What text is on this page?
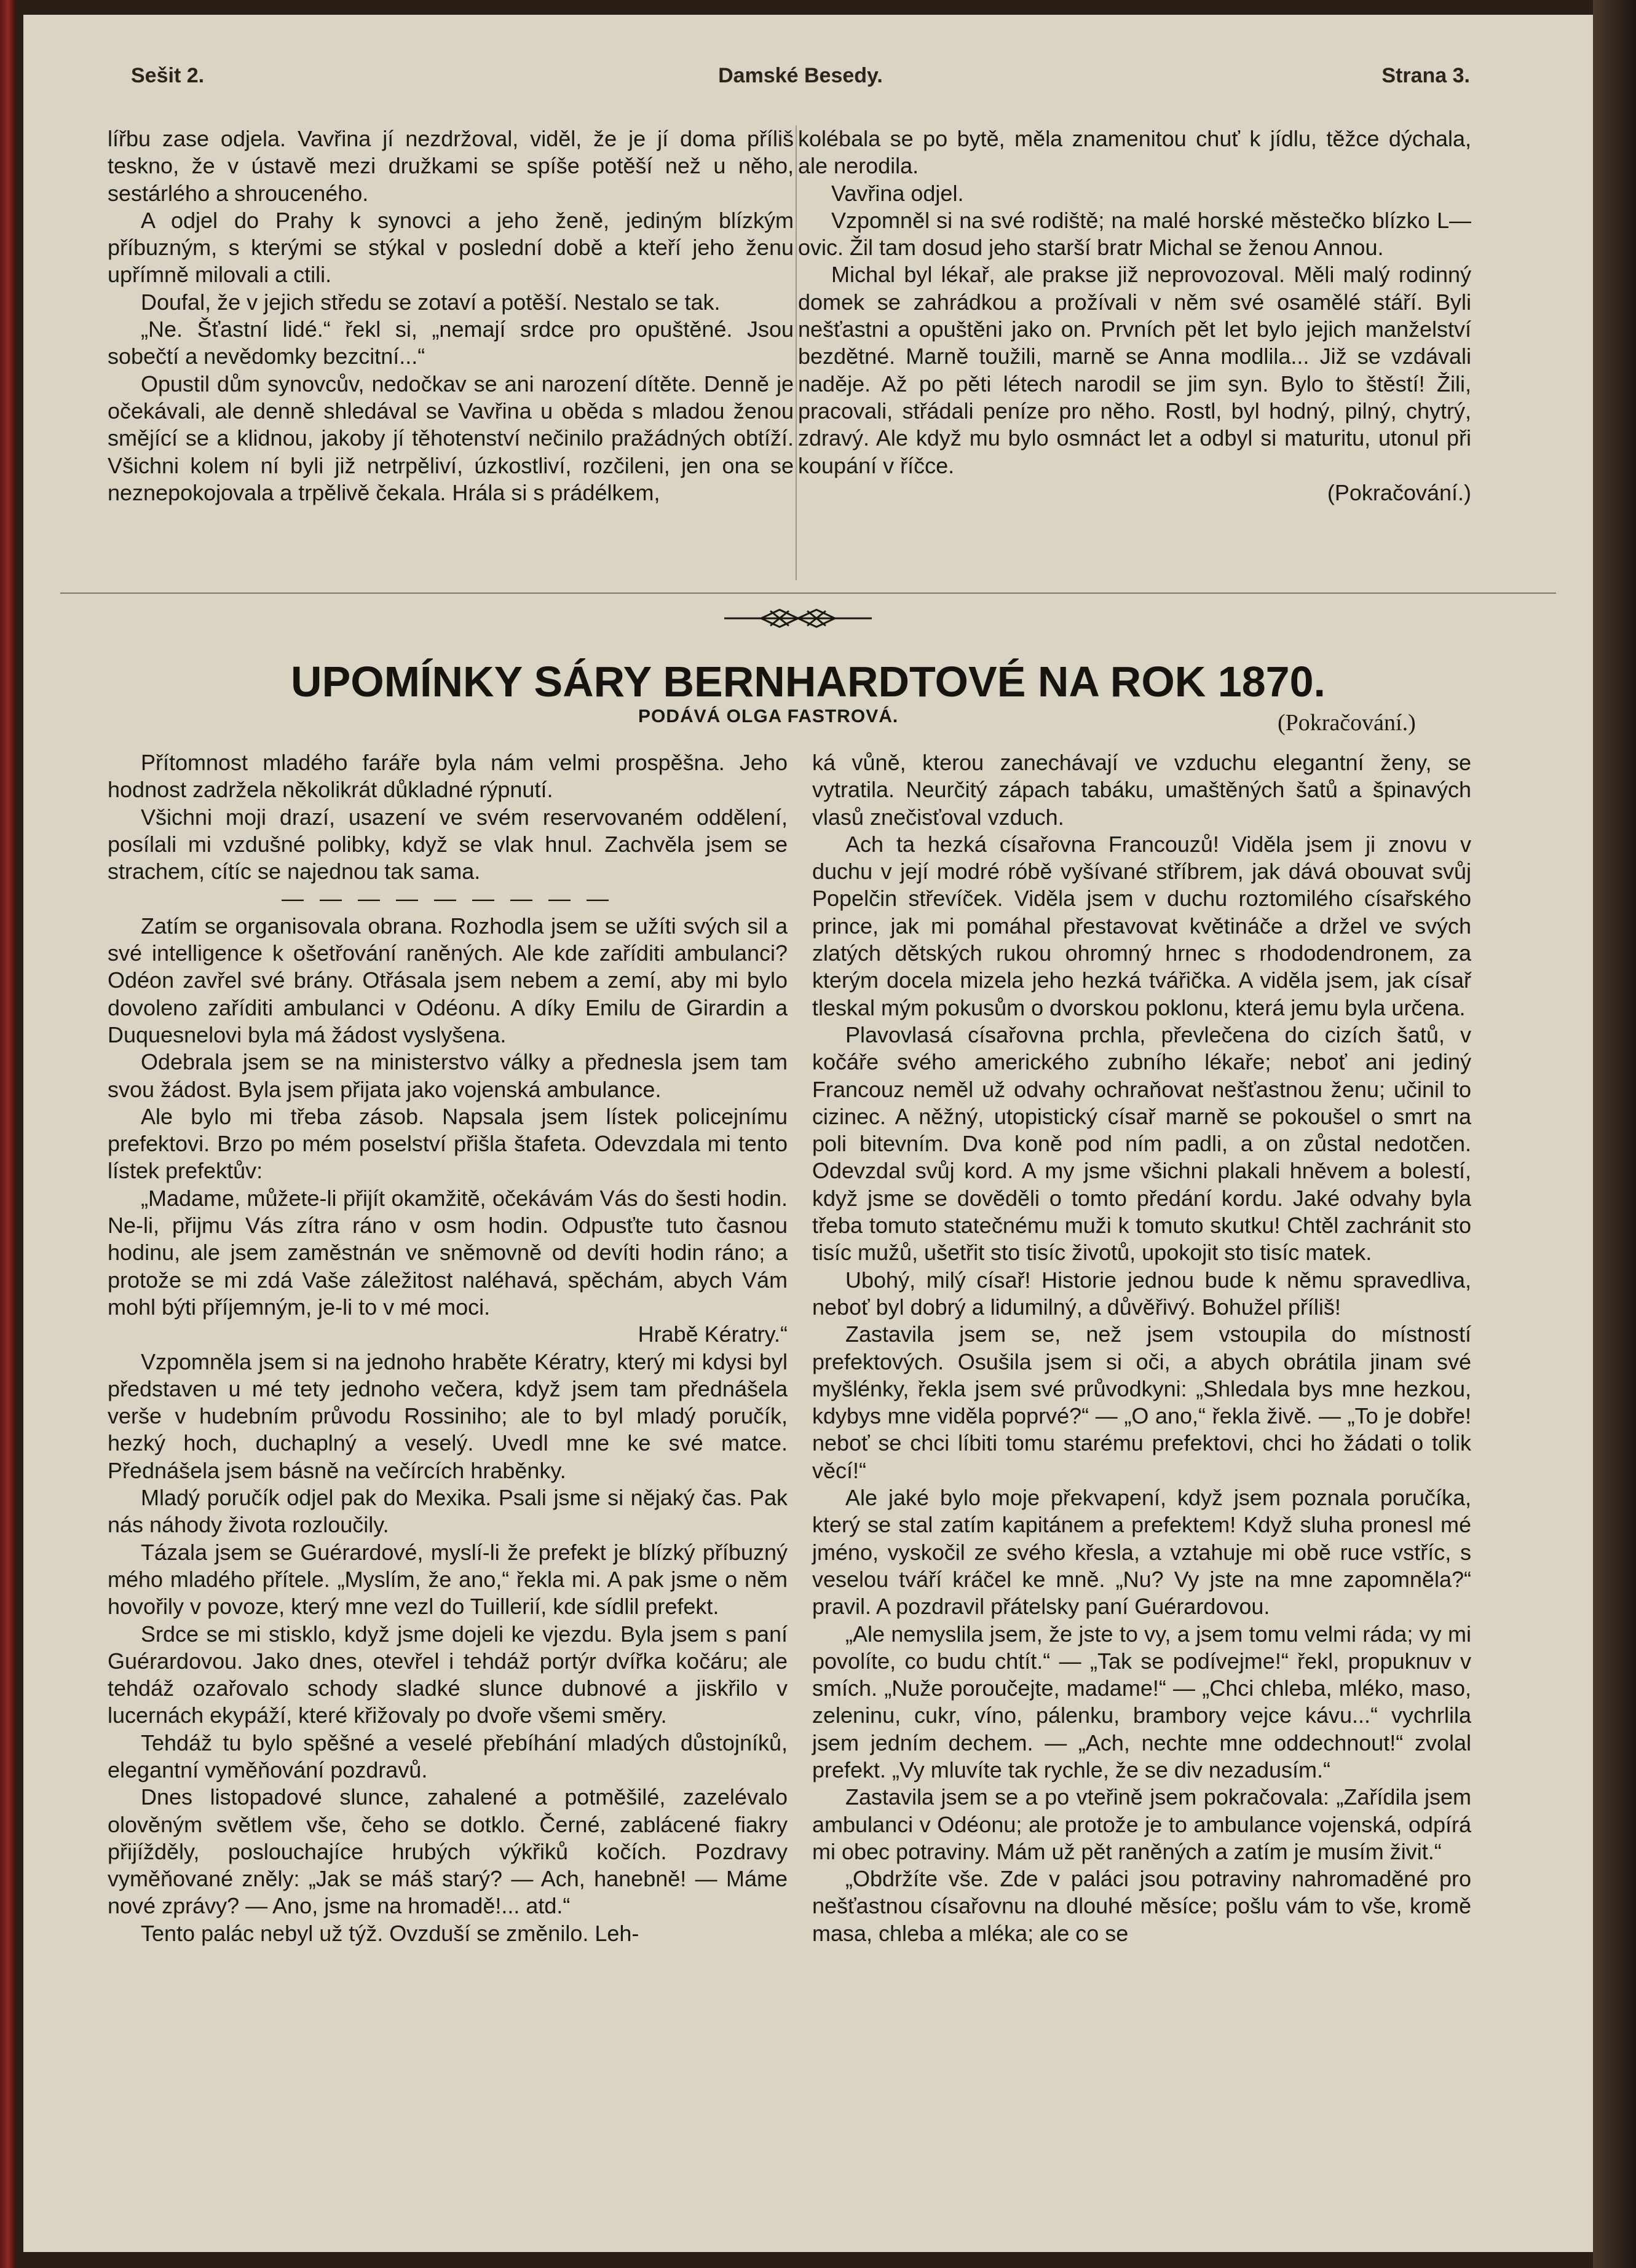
Sešit 2.	Damské Besedy.	Strana 3.

lířbu zase odjela. Vavřina jí nezdržoval, viděl, že je jí doma příliš teskno, že v ústavě mezi družkami se spíše potěší než u něho, sestárlého a shrouceného.

A odjel do Prahy k synovci a jeho ženě, jediným blízkým příbuzným, s kterými se stýkal v poslední době a kteří jeho ženu upřímně milovali a ctili.

Doufal, že v jejich středu se zotaví a potěší. Nestalo se tak.

„Ne. Šťastní lidé.“ řekl si, „nemají srdce pro opuštěné. Jsou sobečtí a nevědomky bezcitní...“

Opustil dům synovcův, nedočkav se ani narození dítěte. Denně je očekávali, ale denně shledával se Vavřina u oběda s mladou ženou smějící se a klidnou, jakoby jí těhotenství nečinilo pražádných obtíží. Všichni kolem ní byli již netrpěliví, úzkostliví, rozčileni, jen ona se neznepokojovala a trpělivě čekala. Hrála si s prádélkem,

kolébala se po bytě, měla znamenitou chuť k jídlu, těžce dýchala, ale nerodila.

Vavřina odjel.

Vzpomněl si na své rodiště; na malé horské městečko blízko L—ovic. Žil tam dosud jeho starší bratr Michal se ženou Annou.

Michal byl lékař, ale prakse již neprovozoval. Měli malý rodinný domek se zahrádkou a prožívali v něm své osamělé stáří. Byli nešťastni a opuštěni jako on. Prvních pět let bylo jejich manželství bezdětné. Marně toužili, marně se Anna modlila... Již se vzdávali naděje. Až po pěti létech narodil se jim syn. Bylo to štěstí! Žili, pracovali, střádali peníze pro něho. Rostl, byl hodný, pilný, chytrý, zdravý. Ale když mu bylo osmnáct let a odbyl si maturitu, utonul při koupání v říčce.

(Pokračování.)

UPOMÍNKY SÁRY BERNHARDTOVÉ NA ROK 1870.
PODÁVÁ OLGA FASTROVÁ.	(Pokračování.)

Přítomnost mladého faráře byla nám velmi prospěšna. Jeho hodnost zadržela několikrát důkladné rýpnutí.

Všichni moji drazí, usazení ve svém reservovaném oddělení, posílali mi vzdušné polibky, když se vlak hnul. Zachvěla jsem se strachem, cítíc se najednou tak sama.

— — — — — — — — —

Zatím se organisovala obrana. Rozhodla jsem se užíti svých sil a své intelligence k ošetřování raněných. Ale kde zaříditi ambulanci? Odéon zavřel své brány. Otřásala jsem nebem a zemí, aby mi bylo dovoleno zaříditi ambulanci v Odéonu. A díky Emilu de Girardin a Duquesnelovi byla má žádost vyslyšena.

Odebrala jsem se na ministerstvo války a přednesla jsem tam svou žádost. Byla jsem přijata jako vojenská ambulance.

Ale bylo mi třeba zásob. Napsala jsem lístek policejnímu prefektovi. Brzo po mém poselství přišla štafeta. Odevzdala mi tento lístek prefektův:

„Madame, můžete-li přijít okamžitě, očekávám Vás do šesti hodin. Ne-li, přijmu Vás zítra ráno v osm hodin. Odpusťte tuto časnou hodinu, ale jsem zaměstnán ve sněmovně od devíti hodin ráno; a protože se mi zdá Vaše záležitost naléhavá, spěchám, abych Vám mohl býti příjemným, je-li to v mé moci.

Hrabě Kératry.“

Vzpomněla jsem si na jednoho hraběte Kératry, který mi kdysi byl představen u mé tety jednoho večera, když jsem tam přednášela verše v hudebním průvodu Rossiniho; ale to byl mladý poručík, hezký hoch, duchaplný a veselý. Uvedl mne ke své matce. Přednášela jsem básně na večírcích hraběnky.

Mladý poručík odjel pak do Mexika. Psali jsme si nějaký čas. Pak nás náhody života rozloučily.

Tázala jsem se Guérardové, myslí-li že prefekt je blízký příbuzný mého mladého přítele. „Myslím, že ano,“ řekla mi. A pak jsme o něm hovořily v povoze, který mne vezl do Tuillerií, kde sídlil prefekt.

Srdce se mi stisklo, když jsme dojeli ke vjezdu. Byla jsem s paní Guérardovou. Jako dnes, otevřel i tehdáž portýr dvířka kočáru; ale tehdáž ozařovalo schody sladké slunce dubnové a jiskřilo v lucernách ekypáží, které křižovaly po dvoře všemi směry.

Tehdáž tu bylo spěšné a veselé přebíhání mladých důstojníků, elegantní vyměňování pozdravů.

Dnes listopadové slunce, zahalené a potměšilé, zazelévalo olověným světlem vše, čeho se dotklo. Černé, zablácené fiakry přijížděly, poslouchajíce hrubých výkřiků kočích. Pozdravy vyměňované zněly: „Jak se máš starý? — Ach, hanebně! — Máme nové zprávy? — Ano, jsme na hromadě!... atd.“

Tento palác nebyl už týž. Ovzduší se změnilo. Leh-

ká vůně, kterou zanechávají ve vzduchu elegantní ženy, se vytratila. Neurčitý zápach tabáku, umaštěných šatů a špinavých vlasů znečisťoval vzduch.

Ach ta hezká císařovna Francouzů! Viděla jsem ji znovu v duchu v její modré róbě vyšívané stříbrem, jak dává obouvat svůj Popelčin střevíček. Viděla jsem v duchu roztomilého císařského prince, jak mi pomáhal přestavovat květináče a držel ve svých zlatých dětských rukou ohromný hrnec s rhododendronem, za kterým docela mizela jeho hezká tvářička. A viděla jsem, jak císař tleskal mým pokusům o dvorskou poklonu, která jemu byla určena.

Plavovlasá císařovna prchla, převlečena do cizích šatů, v kočáře svého amerického zubního lékaře; neboť ani jediný Francouz neměl už odvahy ochraňovat nešťastnou ženu; učinil to cizinec. A něžný, utopistický císař marně se pokoušel o smrt na poli bitevním. Dva koně pod ním padli, a on zůstal nedotčen. Odevzdal svůj kord. A my jsme všichni plakali hněvem a bolestí, když jsme se dověděli o tomto předání kordu. Jaké odvahy byla třeba tomuto statečnému muži k tomuto skutku! Chtěl zachránit sto tisíc mužů, ušetřit sto tisíc životů, upokojit sto tisíc matek.

Ubohý, milý císař! Historie jednou bude k němu spravedliva, neboť byl dobrý a lidumilný, a důvěřivý. Bohužel příliš!

Zastavila jsem se, než jsem vstoupila do místností prefektových. Osušila jsem si oči, a abych obrátila jinam své myšlénky, řekla jsem své průvodkyni: „Shledala bys mne hezkou, kdybys mne viděla poprvé?“ — „O ano,“ řekla živě. — „To je dobře! neboť se chci líbiti tomu starému prefektovi, chci ho žádati o tolik věcí!“

Ale jaké bylo moje překvapení, když jsem poznala poručíka, který se stal zatím kapitánem a prefektem! Když sluha pronesl mé jméno, vyskočil ze svého křesla, a vztahuje mi obě ruce vstříc, s veselou tváří kráčel ke mně. „Nu? Vy jste na mne zapomněla?“ pravil. A pozdravil přátelsky paní Guérardovou.

„Ale nemyslila jsem, že jste to vy, a jsem tomu velmi ráda; vy mi povolíte, co budu chtít.“ — „Tak se podívejme!“ řekl, propuknuv v smích. „Nuže poroučejte, madame!“ — „Chci chleba, mléko, maso, zeleninu, cukr, víno, pálenku, brambory vejce kávu...“ vychrlila jsem jedním dechem. — „Ach, nechte mne oddechnout!“ zvolal prefekt. „Vy mluvíte tak rychle, že se div nezadusím.“

Zastavila jsem se a po vteřině jsem pokračovala: „Zařídila jsem ambulanci v Odéonu; ale protože je to ambulance vojenská, odpírá mi obec potraviny. Mám už pět raněných a zatím je musím živit.“

„Obdržíte vše. Zde v paláci jsou potraviny nahromaděné pro nešťastnou císařovnu na dlouhé měsíce; pošlu vám to vše, kromě masa, chleba a mléka; ale co se
